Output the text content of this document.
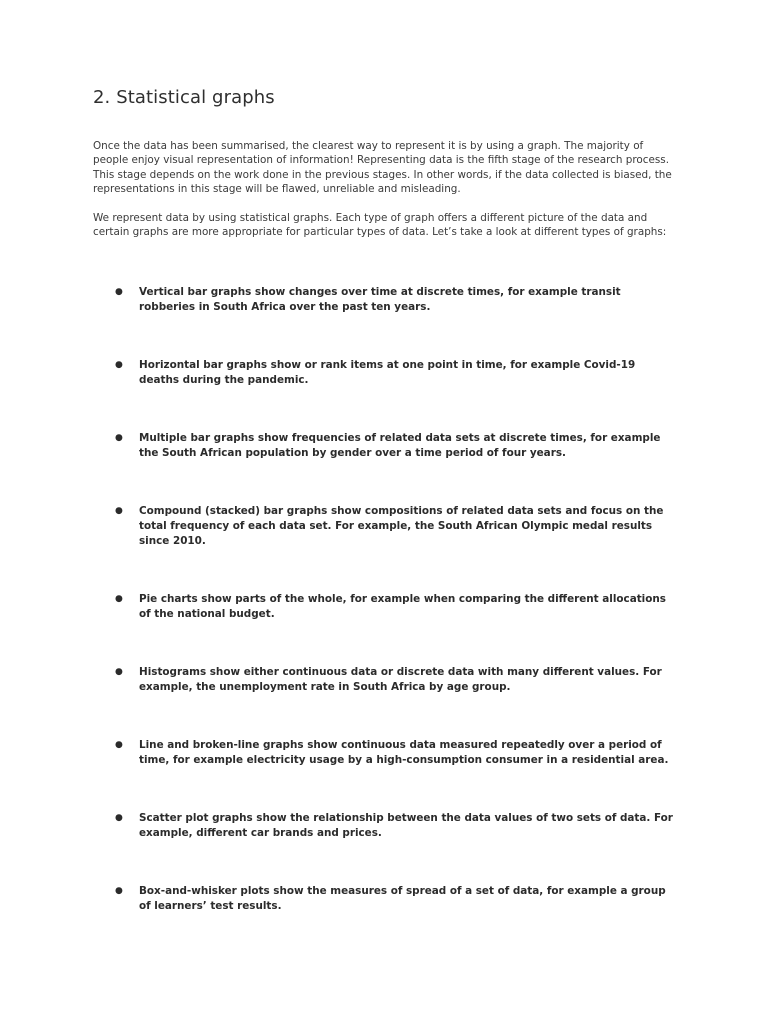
2. Statistical graphs

Once the data has been summarised, the clearest way to represent it is by using a graph. The majority of people enjoy visual representation of information! Representing data is the fifth stage of the research process. This stage depends on the work done in the previous stages. In other words, if the data collected is biased, the representations in this stage will be flawed, unreliable and misleading.

We represent data by using statistical graphs. Each type of graph offers a different picture of the data and certain graphs are more appropriate for particular types of data. Let’s take a look at different types of graphs:

● Vertical bar graphs show changes over time at discrete times, for example transit robberies in South Africa over the past ten years.
● Horizontal bar graphs show or rank items at one point in time, for example Covid-19 deaths during the pandemic.
● Multiple bar graphs show frequencies of related data sets at discrete times, for example the South African population by gender over a time period of four years.
● Compound (stacked) bar graphs show compositions of related data sets and focus on the total frequency of each data set. For example, the South African Olympic medal results since 2010.
● Pie charts show parts of the whole, for example when comparing the different allocations of the national budget.
● Histograms show either continuous data or discrete data with many different values. For example, the unemployment rate in South Africa by age group.
● Line and broken-line graphs show continuous data measured repeatedly over a period of time, for example electricity usage by a high-consumption consumer in a residential area.
● Scatter plot graphs show the relationship between the data values of two sets of data. For example, different car brands and prices.
● Box-and-whisker plots show the measures of spread of a set of data, for example a group of learners’ test results.
